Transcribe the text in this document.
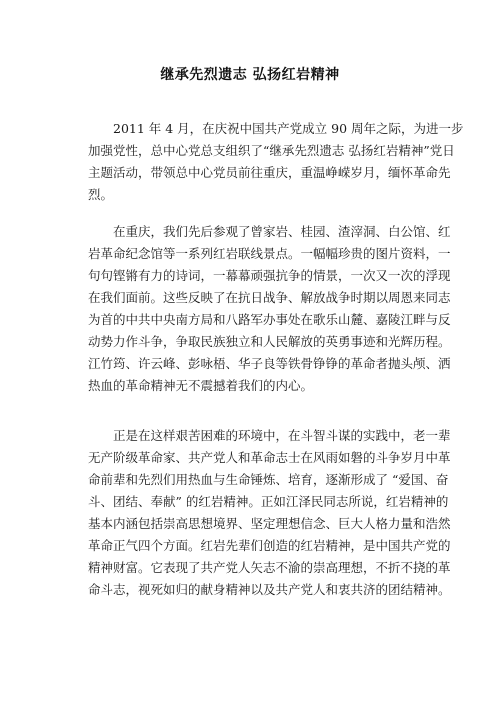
继承先烈遗志 弘扬红岩精神
2011 年 4 月，在庆祝中国共产党成立 90 周年之际，为进一步
加强党性，总中心党总支组织了“继承先烈遗志 弘扬红岩精神”党日
主题活动，带领总中心党员前往重庆，重温峥嵘岁月，缅怀革命先
烈。
在重庆，我们先后参观了曾家岩、桂园、渣滓洞、白公馆、红
岩革命纪念馆等一系列红岩联线景点。一幅幅珍贵的图片资料，一
句句铿锵有力的诗词，一幕幕顽强抗争的情景，一次又一次的浮现
在我们面前。这些反映了在抗日战争、解放战争时期以周恩来同志
为首的中共中央南方局和八路军办事处在歌乐山麓、嘉陵江畔与反
动势力作斗争，争取民族独立和人民解放的英勇事迹和光辉历程。
江竹筠、许云峰、彭咏梧、华子良等铁骨铮铮的革命者抛头颅、洒
热血的革命精神无不震撼着我们的内心。
正是在这样艰苦困难的环境中，在斗智斗谋的实践中，老一辈
无产阶级革命家、共产党人和革命志士在风雨如磐的斗争岁月中革
命前辈和先烈们用热血与生命锤炼、培育，逐渐形成了 “爱国、奋
斗、团结、奉献” 的红岩精神。正如江泽民同志所说，红岩精神的
基本内涵包括崇高思想境界、坚定理想信念、巨大人格力量和浩然
革命正气四个方面。红岩先辈们创造的红岩精神，是中国共产党的
精神财富。它表现了共产党人矢志不渝的崇高理想，不折不挠的革
命斗志，视死如归的献身精神以及共产党人和衷共济的团结精神。
